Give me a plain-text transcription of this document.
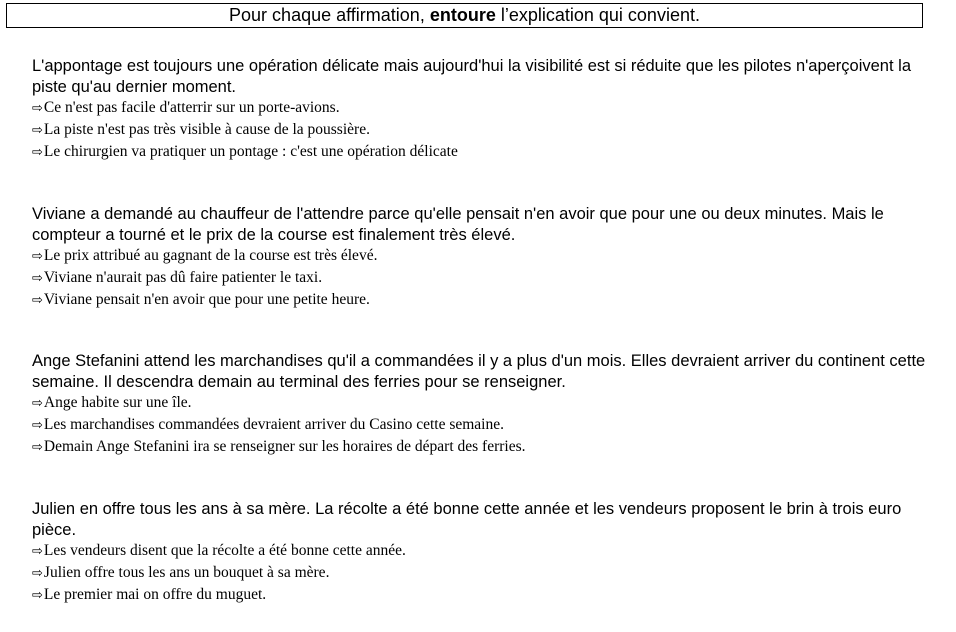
Pour chaque affirmation, entoure l’explication qui convient.

L'appontage est toujours une opération délicate mais aujourd'hui la visibilité est si réduite que les pilotes n'aperçoivent la piste qu'au dernier moment.

⇨Ce n'est pas facile d'atterrir sur un porte-avions.
⇨La piste n'est pas très visible à cause de la poussière.
⇨Le chirurgien va pratiquer un pontage : c'est une opération délicate

Viviane a demandé au chauffeur de l'attendre parce qu'elle pensait n'en avoir que pour une ou deux minutes. Mais le compteur a tourné et le prix de la course est finalement très élevé.

⇨Le prix attribué au gagnant de la course est très élevé.
⇨Viviane n'aurait pas dû faire patienter le taxi.
⇨Viviane pensait n'en avoir que pour une petite heure.

Ange Stefanini attend les marchandises qu'il a commandées il y a plus d'un mois. Elles devraient arriver du continent cette semaine. Il descendra demain au terminal des ferries pour se renseigner.

⇨Ange habite sur une île.
⇨Les marchandises commandées devraient arriver du Casino cette semaine.
⇨Demain Ange Stefanini ira se renseigner sur les horaires de départ des ferries.

Julien en offre tous les ans à sa mère. La récolte a été bonne cette année et les vendeurs proposent le brin à trois euro pièce.

⇨Les vendeurs disent que la récolte a été bonne cette année.
⇨Julien offre tous les ans un bouquet à sa mère.
⇨Le premier mai on offre du muguet.
